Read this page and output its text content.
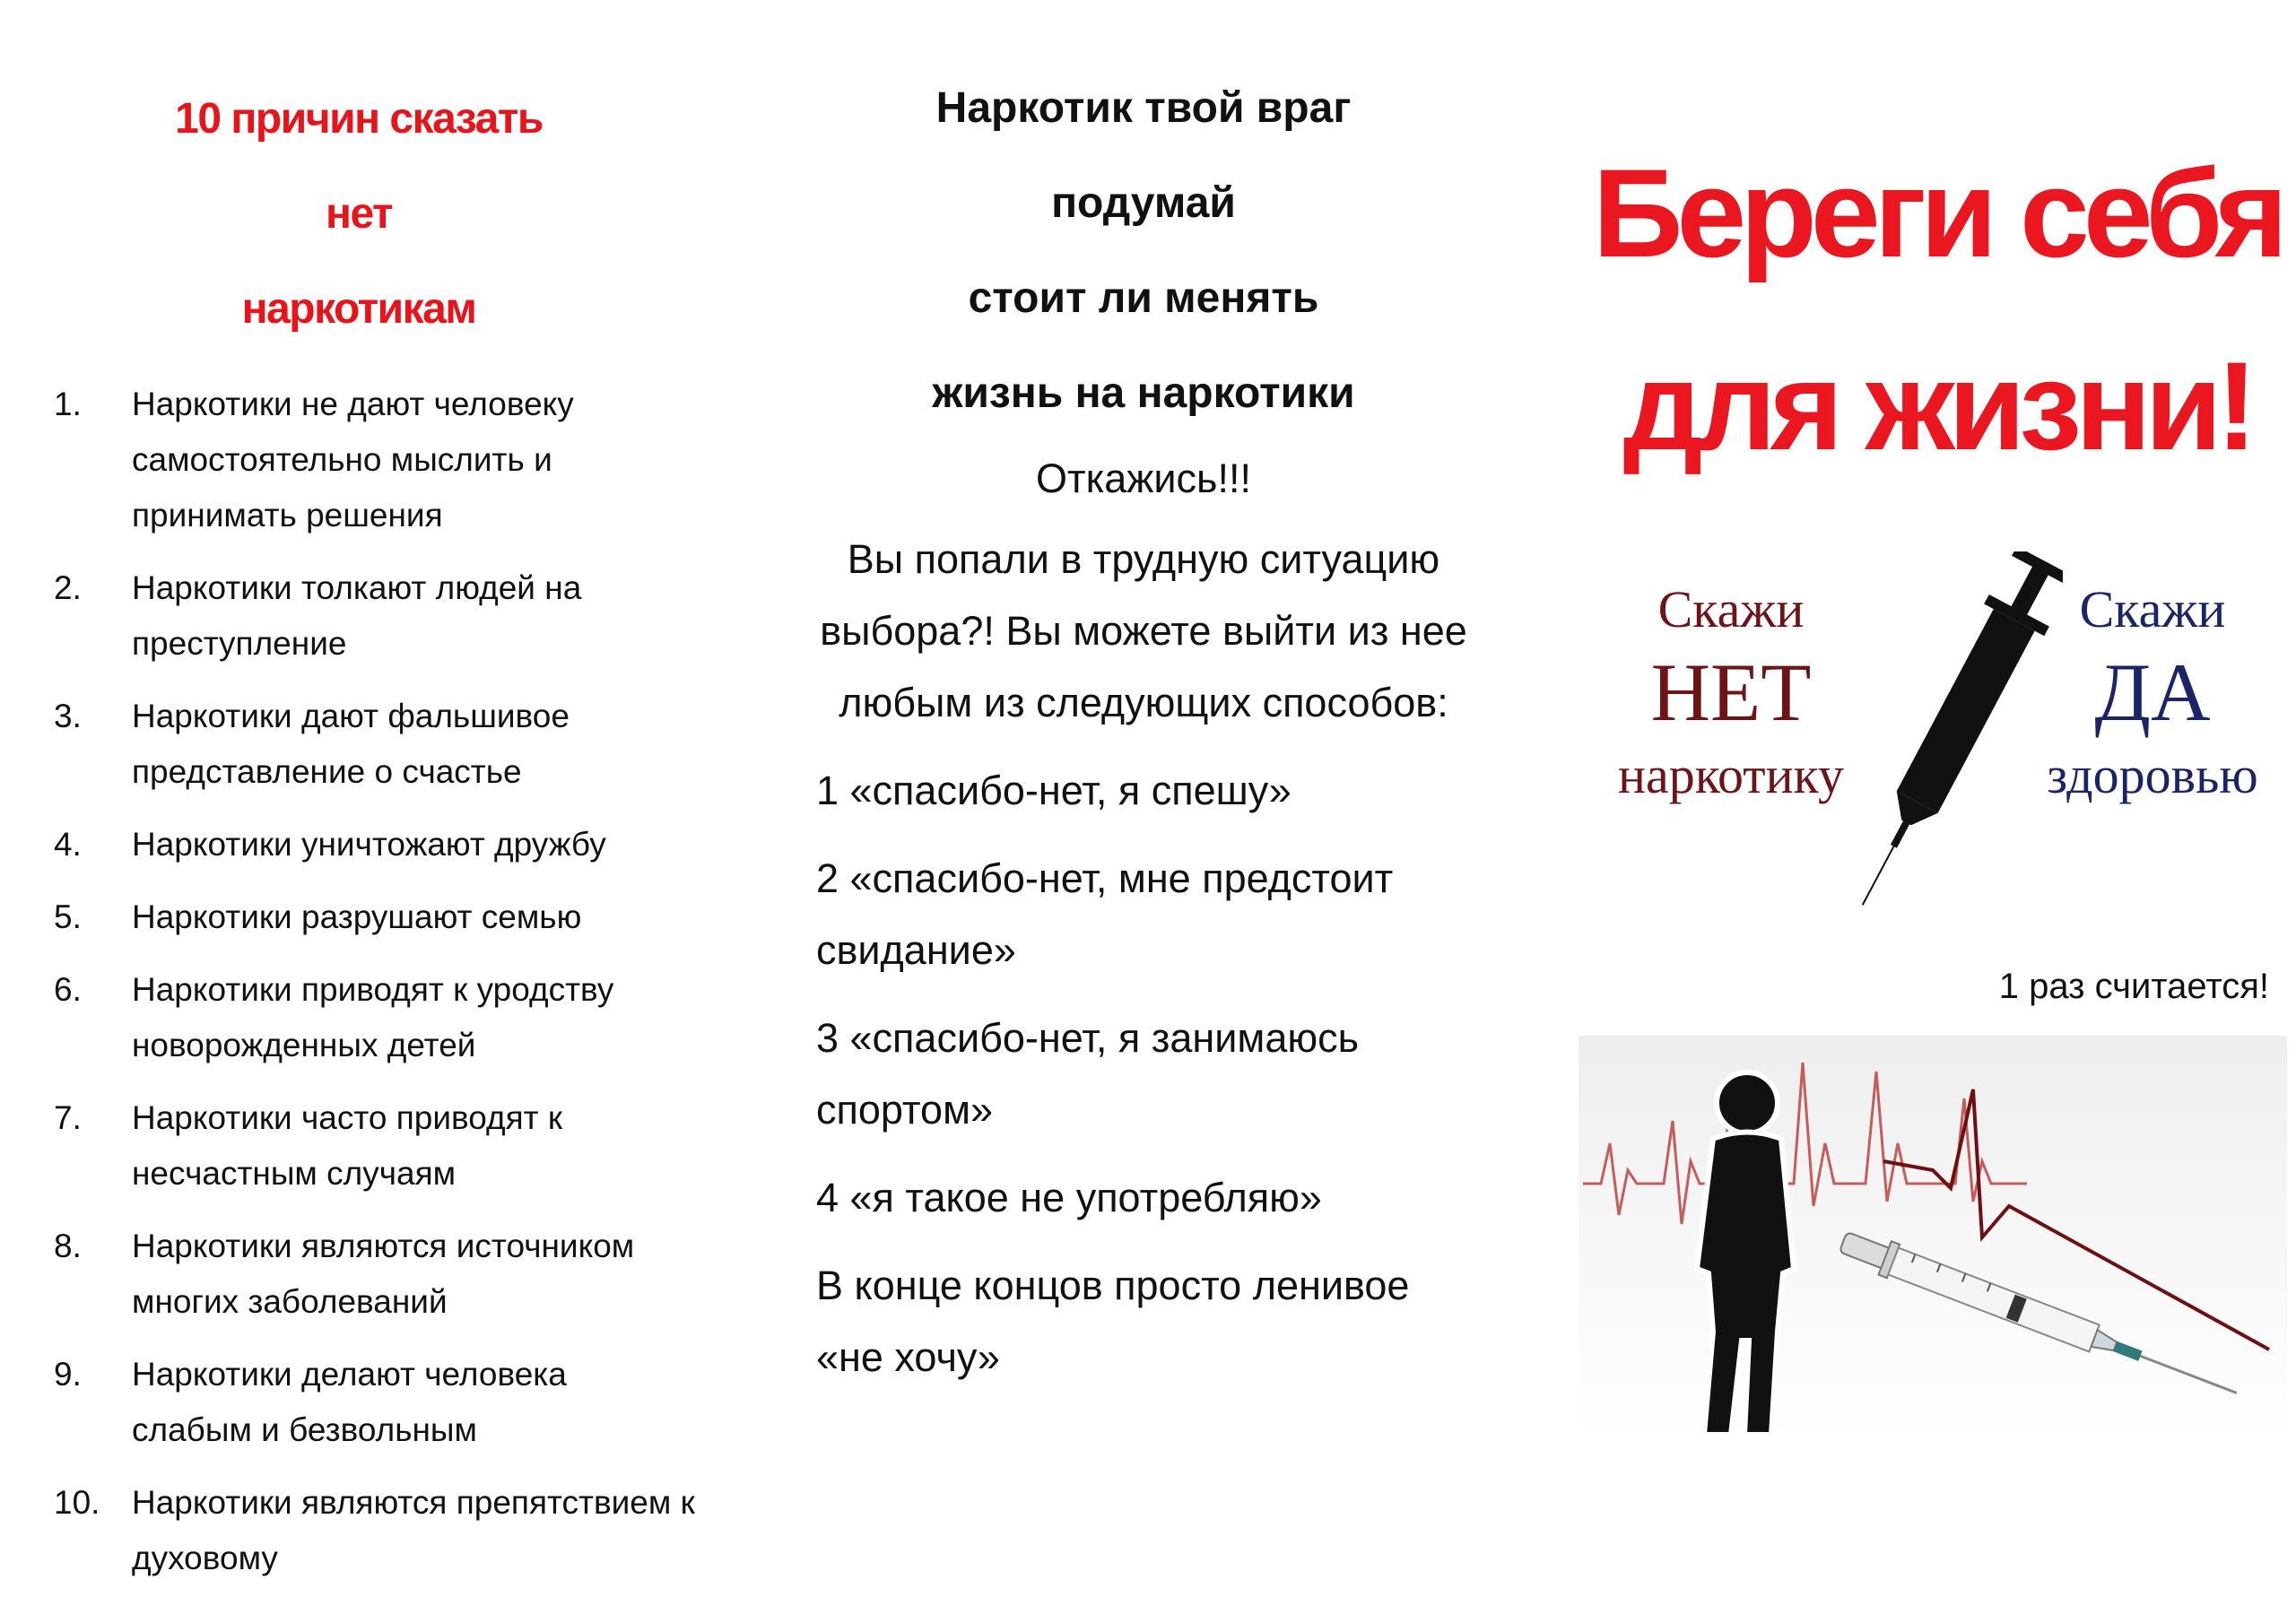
10 причин сказать
нет
наркотикам
1. Наркотики не дают человеку самостоятельно мыслить и принимать решения
2. Наркотики толкают людей на преступление
3. Наркотики дают фальшивое представление о счастье
4. Наркотики уничтожают дружбу
5. Наркотики разрушают семью
6. Наркотики приводят к уродству новорожденных детей
7. Наркотики часто приводят к несчастным случаям
8. Наркотики являются источником многих заболеваний
9. Наркотики делают человека слабым и безвольным
10. Наркотики являются препятствием к духовому
Наркотик твой враг
подумай
стоит ли менять
жизнь на наркотики
Откажись!!!
Вы попали в трудную ситуацию выбора?! Вы можете выйти из нее любым из следующих способов:
1 «спасибо-нет, я спешу»
2 «спасибо-нет, мне предстоит свидание»
3 «спасибо-нет, я занимаюсь спортом»
4 «я такое не употребляю»
В конце концов просто ленивое «не хочу»
Береги себя
для жизни!
Скажи
НЕТ
наркотику
Скажи
ДА
здоровью
1 раз считается!
